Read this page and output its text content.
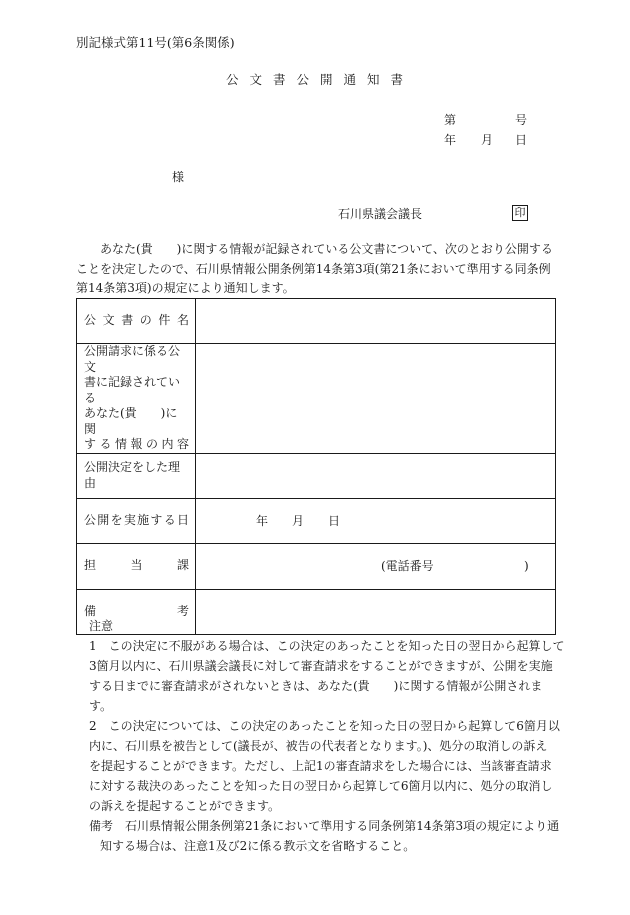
別記様式第11号(第6条関係)
公文書公開通知書
第	号
年 月 日
様
石川県議会議長	印
あなた(貴　　)に関する情報が記録されている公文書について、次のとおり公開する
ことを決定したので、石川県情報公開条例第14条第3項(第21条において準用する同条例
第14条第3項)の規定により通知します。
公文書の件名	

公開請求に係る公文
書に記録されている
あなた(貴　　)に関
する情報の内容	

公開決定をした理由	

公開を実施する日	年 月 日

担当課	(電話番号 )

備考	

注意
1　この決定に不服がある場合は、この決定のあったことを知った日の翌日から起算して
3箇月以内に、石川県議会議長に対して審査請求をすることができますが、公開を実施
する日までに審査請求がされないときは、あなた(貴　　)に関する情報が公開されま
す。
2　この決定については、この決定のあったことを知った日の翌日から起算して6箇月以
内に、石川県を被告として(議長が、被告の代表者となります。)、処分の取消しの訴え
を提起することができます。ただし、上記1の審査請求をした場合には、当該審査請求
に対する裁決のあったことを知った日の翌日から起算して6箇月以内に、処分の取消し
の訴えを提起することができます。
備考　石川県情報公開条例第21条において準用する同条例第14条第3項の規定により通
知する場合は、注意1及び2に係る教示文を省略すること。
